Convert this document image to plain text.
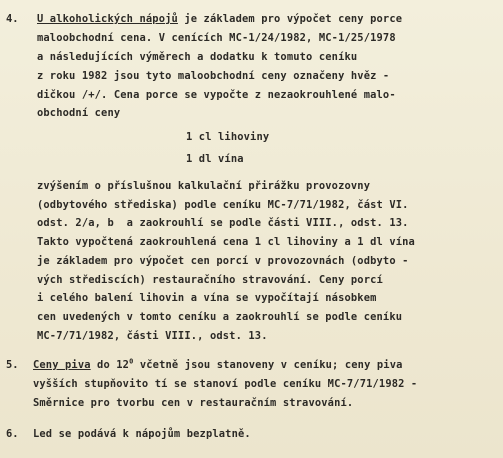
4. U alkoholických nápojů je základem pro výpočet ceny porce
maloobchodní cena. V cenících MC-1/24/1982, MC-1/25/1978
a následujících výměrech a dodatku k tomuto ceníku
z roku 1982 jsou tyto maloobchodní ceny označeny hvěz -
dičkou /+/. Cena porce se vypočte z nezaokrouhlené malo-
obchodní ceny
1 cl lihoviny
1 dl vína
zvýšením o příslušnou kalkulační přirážku provozovny
(odbytového střediska) podle ceníku MC-7/71/1982, část VI.
odst. 2/a, b  a zaokrouhlí se podle části VIII., odst. 13.
Takto vypočtená zaokrouhlená cena 1 cl lihoviny a 1 dl vína
je základem pro výpočet cen porcí v provozovnách (odbyto -
vých střediscích) restauračního stravování. Ceny porcí
i celého balení lihovin a vína se vypočítají násobkem
cen uvedených v tomto ceníku a zaokrouhlí se podle ceníku
MC-7/71/1982, části VIII., odst. 13.
5. Ceny piva do $12^0$ včetně jsou stanoveny v ceníku; ceny piva
vyšších stupňovito tí se stanoví podle ceníku MC-7/71/1982 -
Směrnice pro tvorbu cen v restauračním stravování.
6. Led se podává k nápojům bezplatně.
